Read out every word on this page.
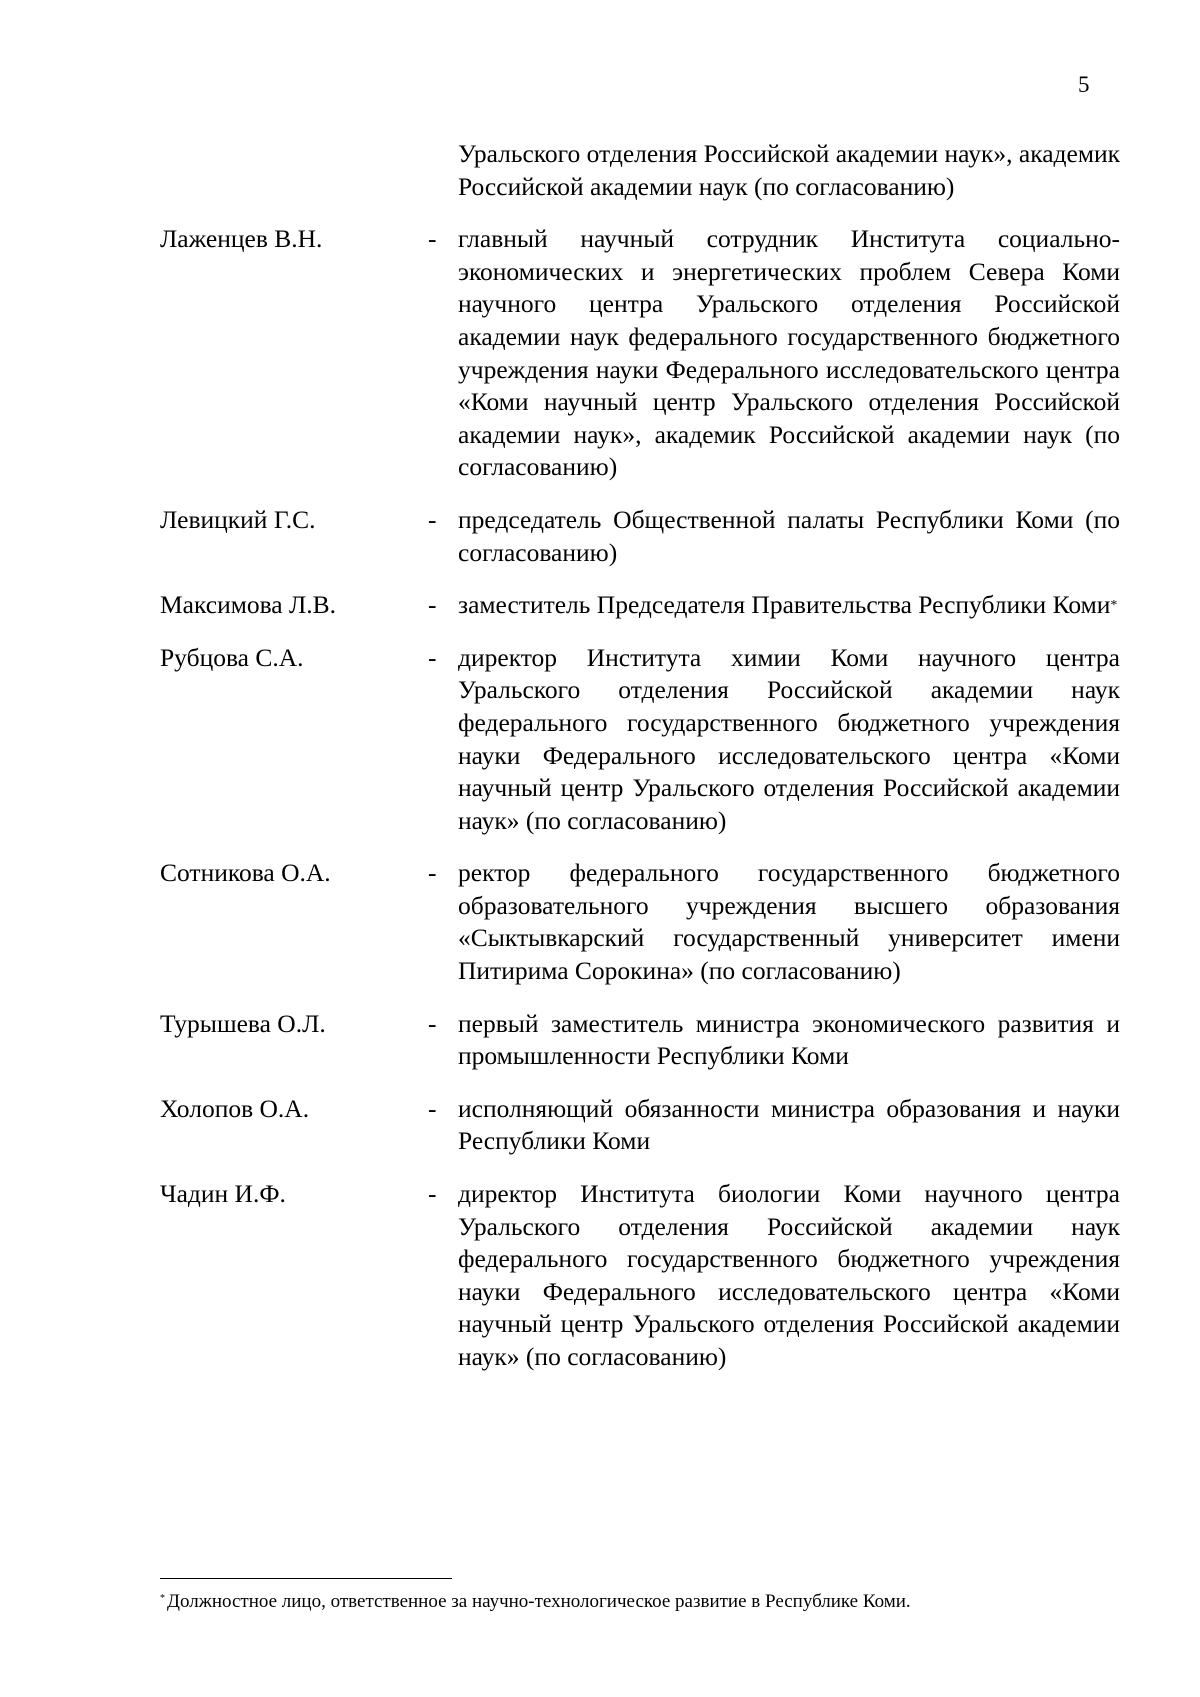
5
Уральского отделения Российской академии наук», академик Российской академии наук (по согласованию)
Лаженцев В.Н.	- главный научный сотрудник Института социально-экономических и энергетических проблем Севера Коми научного центра Уральского отделения Российской академии наук федерального государственного бюджетного учреждения науки Федерального исследовательского центра «Коми научный центр Уральского отделения Российской академии наук», академик Российской академии наук (по согласованию)
Левицкий Г.С.	- председатель Общественной палаты Республики Коми (по согласованию)
Максимова Л.В.	- заместитель Председателя Правительства Республики Коми*
Рубцова С.А.	- директор Института химии Коми научного центра Уральского отделения Российской академии наук федерального государственного бюджетного учреждения науки Федерального исследовательского центра «Коми научный центр Уральского отделения Российской академии наук» (по согласованию)
Сотникова О.А.	- ректор федерального государственного бюджетного образовательного учреждения высшего образования «Сыктывкарский государственный университет имени Питирима Сорокина» (по согласованию)
Турышева О.Л.	- первый заместитель министра экономического развития и промышленности Республики Коми
Холопов О.А.	- исполняющий обязанности министра образования и науки Республики Коми
Чадин И.Ф.	- директор Института биологии Коми научного центра Уральского отделения Российской академии наук федерального государственного бюджетного учреждения науки Федерального исследовательского центра «Коми научный центр Уральского отделения Российской академии наук» (по согласованию)
* Должностное лицо, ответственное за научно-технологическое развитие в Республике Коми.
